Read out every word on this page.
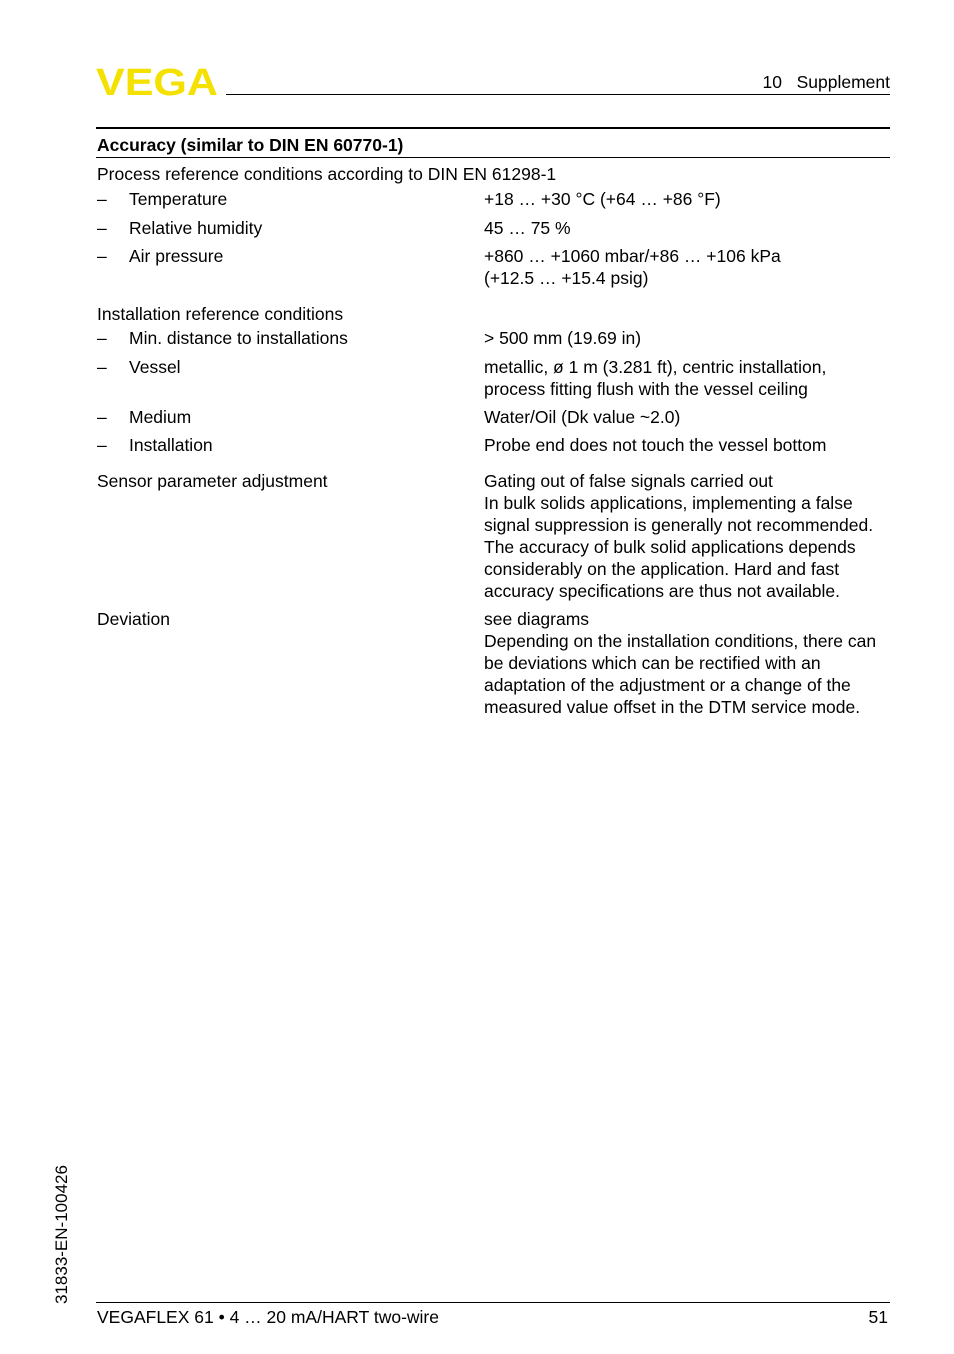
VEGA	10   Supplement
Accuracy (similar to DIN EN 60770-1)
Process reference conditions according to DIN EN 61298-1
– Temperature	+18 … +30 °C (+64 … +86 °F)
– Relative humidity	45 … 75 %
– Air pressure	+860 … +1060 mbar/+86 … +106 kPa
(+12.5 … +15.4 psig)
Installation reference conditions
– Min. distance to installations	> 500 mm (19.69 in)
– Vessel	metallic, ø 1 m (3.281 ft), centric installation,
process fitting flush with the vessel ceiling
– Medium	Water/Oil (Dk value ~2.0)
– Installation	Probe end does not touch the vessel bottom
Sensor parameter adjustment	Gating out of false signals carried out
In bulk solids applications, implementing a false
signal suppression is generally not recommended.
The accuracy of bulk solid applications depends
considerably on the application. Hard and fast
accuracy specifications are thus not available.
Deviation	see diagrams
Depending on the installation conditions, there can
be deviations which can be rectified with an
adaptation of the adjustment or a change of the
measured value offset in the DTM service mode.
31833-EN-100426
VEGAFLEX 61 • 4 … 20 mA/HART two-wire	51
